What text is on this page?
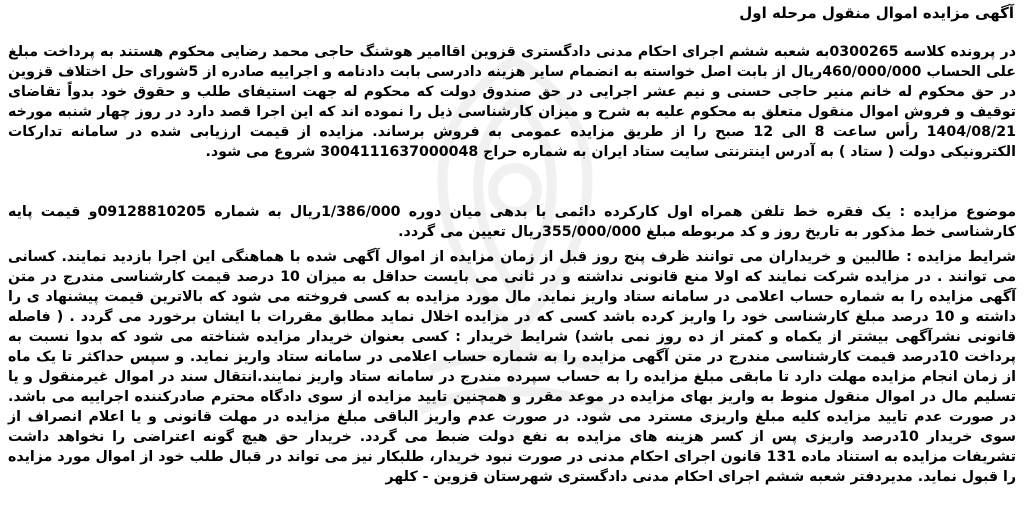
آگهی مزایده اموال منقول مرحله اول
در پرونده کلاسه 0300265به شعبه ششم اجرای احکام مدنی دادگستری قزوین اقاامیر هوشنگ حاجی محمد رضایی محکوم هستند به پرداخت مبلغ علی الحساب 460/000/000ریال از بابت اصل خواسته به انضمام سایر هزینه دادرسی بابت دادنامه و اجراییه صادره از 5شورای حل اختلاف قزوین در حق محکوم له خانم منیر حاجی حسنی و نیم عشر اجرایی در حق صندوق دولت که محکوم له جهت استیفای طلب و حقوق خود بدواً تقاضای توقیف و فروش اموال منقول متعلق به محکوم علیه به شرح و میزان کارشناسی ذیل را نموده اند که این اجرا قصد دارد در روز چهار شنبه مورخه 1404/08/21 رأس ساعت 8 الی 12 صبح را از طریق مزایده عمومی به فروش برساند. مزایده از قیمت ارزیابی شده در سامانه تدارکات الکترونیکی دولت ( ستاد ) به آدرس اینترنتی سایت ستاد ایران به شماره حراج 3004111637000048 شروع می شود.
موضوع مزایده : یک فقره خط تلفن همراه اول کارکرده دائمی با بدهی میان دوره 1/386/000ریال به شماره 09128810205و قیمت پایه کارشناسی خط مذکور به تاریخ روز و کد مربوطه مبلغ 355/000/000ریال تعیین می گردد.
شرایط مزایده : طالبین و خریداران می توانند ظرف پنج روز قبل از زمان مزایده از اموال آگهی شده با هماهنگی این اجرا بازدید نمایند. کسانی می توانند . در مزایده شرکت نمایند که اولا منع قانونی نداشته و در ثانی می بایست حداقل به میزان 10 درصد قیمت کارشناسی مندرج در متن آگهی مزایده را به شماره حساب اعلامی در سامانه ستاد واریز نماید. مال مورد مزایده به کسی فروخته می شود که بالاترین قیمت پیشنهاد ی را داشته و 10 درصد مبلغ کارشناسی خود را واریز کرده باشد کسی که در مزایده اخلال نماید مطابق مقررات با ایشان برخورد می گردد . ( فاصله قانونی نشرآگهی بیشتر از یکماه و کمتر از ده روز نمی باشد) شرایط خریدار : کسی بعنوان خریدار مزایده شناخته می شود که بدوا نسبت به پرداخت 10درصد قیمت کارشناسی مندرج در متن آگهی مزایده را به شماره حساب اعلامی در سامانه ستاد واریز نماید. و سپس حداکثر تا یک ماه از زمان انجام مزایده مهلت دارد تا مابقی مبلغ مزایده را به حساب سپرده مندرج در سامانه ستاد واریز نمایند.انتقال سند در اموال غیرمنقول و یا تسلیم مال در اموال منقول منوط به واریز بهای مزایده در موعد مقرر و همچنین تایید مزایده از سوی دادگاه محترم صادرکننده اجراییه می باشد. در صورت عدم تایید مزایده کلیه مبلغ واریزی مسترد می شود. در صورت عدم واریز الباقی مبلغ مزایده در مهلت قانونی و یا اعلام انصراف از سوی خریدار 10درصد واریزی پس از کسر هزینه های مزایده به نفع دولت ضبط می گردد. خریدار حق هیچ گونه اعتراضی را نخواهد داشت تشریفات مزایده به استناد ماده 131 قانون اجرای احکام مدنی در صورت نبود خریدار، طلبکار نیز می تواند در قبال طلب خود از اموال مورد مزایده را قبول نماید. مدیردفتر شعبه ششم اجرای احکام مدنی دادگستری شهرستان قزوین - کلهر
